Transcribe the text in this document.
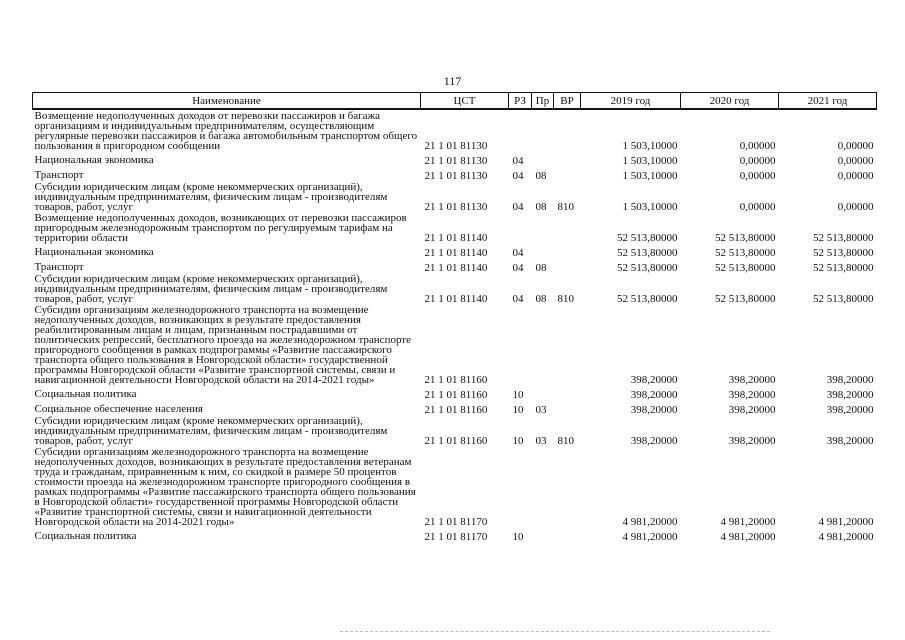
117
Наименование	ЦСТ	РЗ	Пр	ВР	2019 год	2020 год	2021 год
Возмещение недополученных доходов от перевозки пассажиров и багажа организациям и индивидуальным предпринимателям, осуществляющим регулярные перевозки пассажиров и багажа автомобильным транспортом общего пользования в пригородном сообщении	21 1 01 81130				1 503,10000	0,00000	0,00000
Национальная экономика	21 1 01 81130	04			1 503,10000	0,00000	0,00000
Транспорт	21 1 01 81130	04	08		1 503,10000	0,00000	0,00000
Субсидии юридическим лицам (кроме некоммерческих организаций), индивидуальным предпринимателям, физическим лицам - производителям товаров, работ, услуг	21 1 01 81130	04	08	810	1 503,10000	0,00000	0,00000
Возмещение недополученных доходов, возникающих от перевозки пассажиров пригородным железнодорожным транспортом по регулируемым тарифам на территории области	21 1 01 81140				52 513,80000	52 513,80000	52 513,80000
Национальная экономика	21 1 01 81140	04			52 513,80000	52 513,80000	52 513,80000
Транспорт	21 1 01 81140	04	08		52 513,80000	52 513,80000	52 513,80000
Субсидии юридическим лицам (кроме некоммерческих организаций), индивидуальным предпринимателям, физическим лицам - производителям товаров, работ, услуг	21 1 01 81140	04	08	810	52 513,80000	52 513,80000	52 513,80000
Субсидии организациям железнодорожного транспорта на возмещение недополученных доходов, возникающих в результате предоставления реабилитированным лицам и лицам, признанным пострадавшими от политических репрессий, бесплатного проезда на железнодорожном транспорте пригородного сообщения в рамках подпрограммы «Развитие пассажирского транспорта общего пользования в Новгородской области» государственной программы Новгородской области «Развитие транспортной системы, связи и навигационной деятельности Новгородской области на 2014-2021 годы»	21 1 01 81160				398,20000	398,20000	398,20000
Социальная политика	21 1 01 81160	10			398,20000	398,20000	398,20000
Социальное обеспечение населения	21 1 01 81160	10	03		398,20000	398,20000	398,20000
Субсидии юридическим лицам (кроме некоммерческих организаций), индивидуальным предпринимателям, физическим лицам - производителям товаров, работ, услуг	21 1 01 81160	10	03	810	398,20000	398,20000	398,20000
Субсидии организациям железнодорожного транспорта на возмещение недополученных доходов, возникающих в результате предоставления ветеранам труда и гражданам, приравненным к ним, со скидкой в размере 50 процентов стоимости проезда на железнодорожном транспорте пригородного сообщения в рамках подпрограммы «Развитие пассажирского транспорта общего пользования в Новгородской области» государственной программы Новгородской области «Развитие транспортной системы, связи и навигационной деятельности Новгородской области на 2014-2021 годы»	21 1 01 81170				4 981,20000	4 981,20000	4 981,20000
Социальная политика	21 1 01 81170	10			4 981,20000	4 981,20000	4 981,20000
